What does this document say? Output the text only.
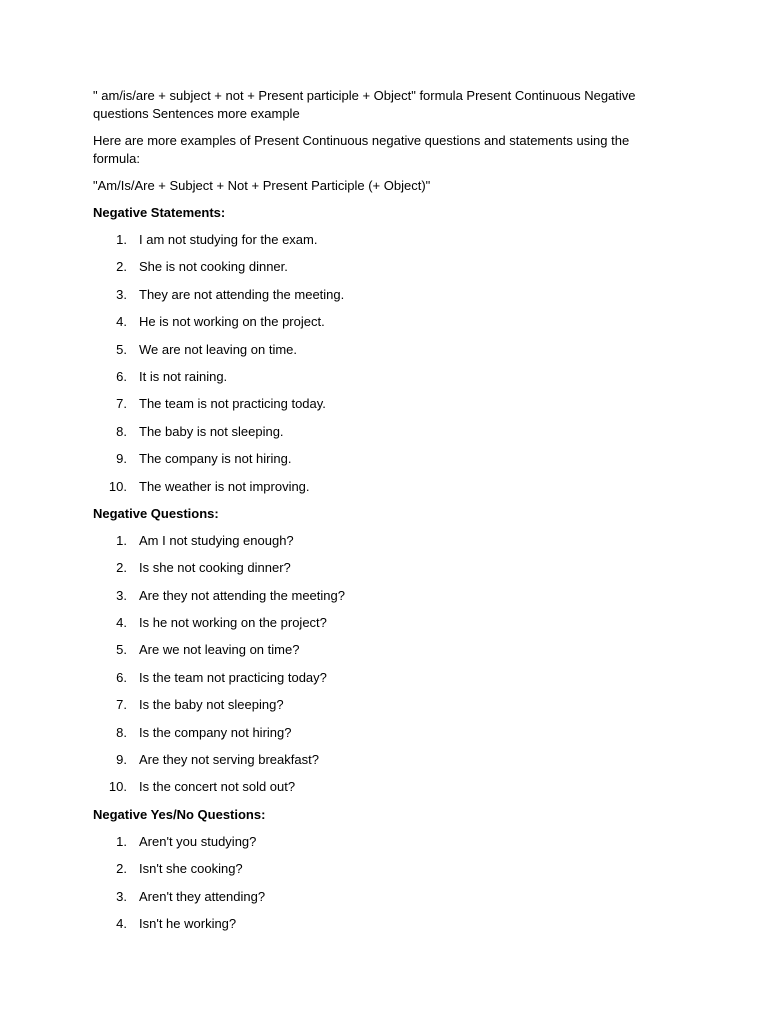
" am/is/are + subject + not + Present participle + Object" formula Present Continuous Negative questions Sentences more example

Here are more examples of Present Continuous negative questions and statements using the formula:

"Am/Is/Are + Subject + Not + Present Participle (+ Object)"

Negative Statements:

1. I am not studying for the exam.
2. She is not cooking dinner.
3. They are not attending the meeting.
4. He is not working on the project.
5. We are not leaving on time.
6. It is not raining.
7. The team is not practicing today.
8. The baby is not sleeping.
9. The company is not hiring.
10. The weather is not improving.

Negative Questions:

1. Am I not studying enough?
2. Is she not cooking dinner?
3. Are they not attending the meeting?
4. Is he not working on the project?
5. Are we not leaving on time?
6. Is the team not practicing today?
7. Is the baby not sleeping?
8. Is the company not hiring?
9. Are they not serving breakfast?
10. Is the concert not sold out?

Negative Yes/No Questions:

1. Aren't you studying?
2. Isn't she cooking?
3. Aren't they attending?
4. Isn't he working?
